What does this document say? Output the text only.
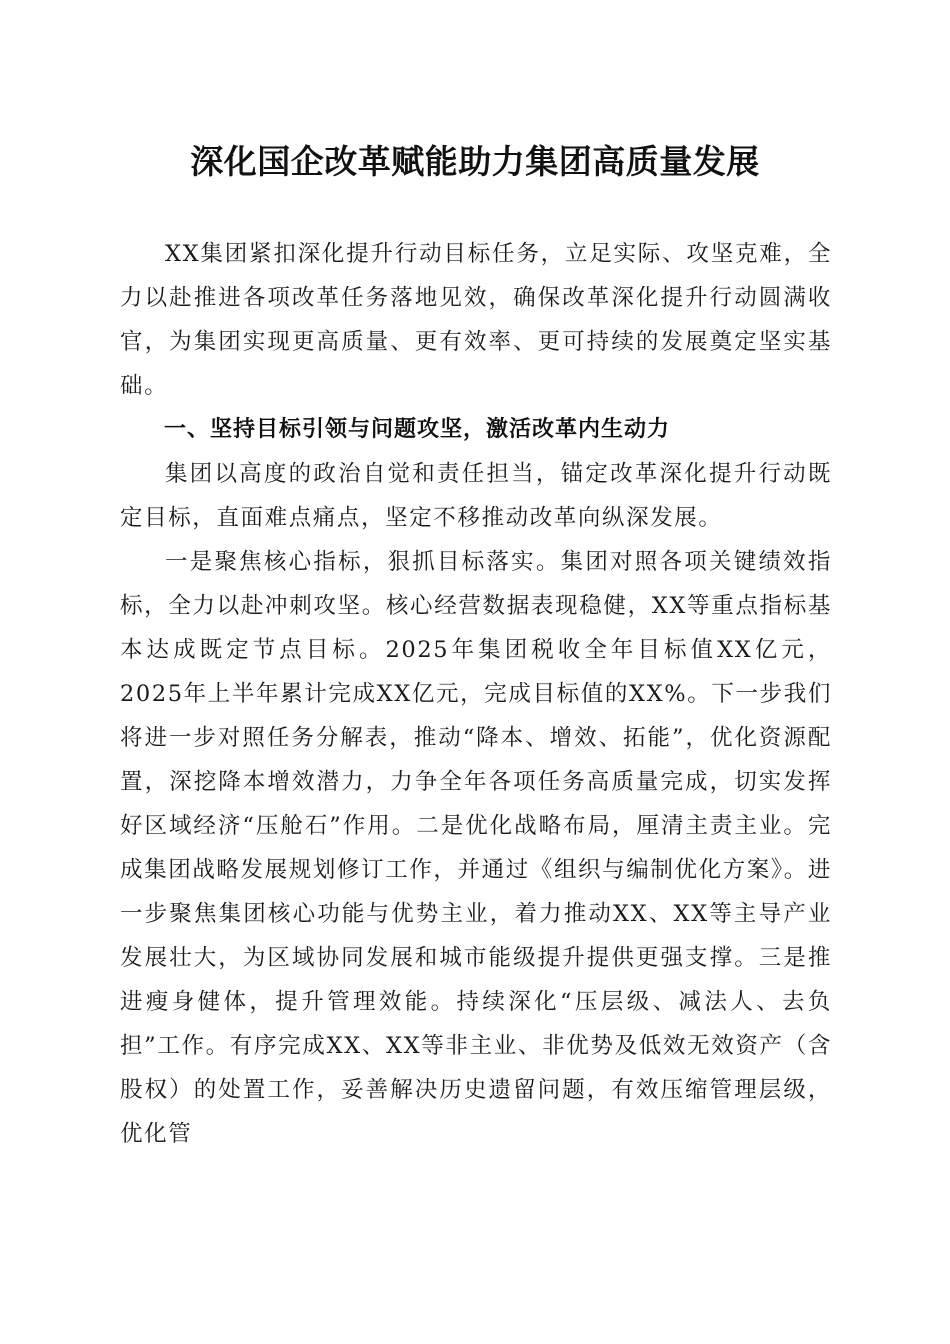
深化国企改革赋能助力集团高质量发展

XX集团紧扣深化提升行动目标任务，立足实际、攻坚克难，全力以赴推进各项改革任务落地见效，确保改革深化提升行动圆满收官，为集团实现更高质量、更有效率、更可持续的发展奠定坚实基础。

一、坚持目标引领与问题攻坚，激活改革内生动力

集团以高度的政治自觉和责任担当，锚定改革深化提升行动既定目标，直面难点痛点，坚定不移推动改革向纵深发展。

一是聚焦核心指标，狠抓目标落实。集团对照各项关键绩效指标，全力以赴冲刺攻坚。核心经营数据表现稳健，XX等重点指标基本达成既定节点目标。2025年集团税收全年目标值XX亿元，2025年上半年累计完成XX亿元，完成目标值的XX%。下一步我们将进一步对照任务分解表，推动“降本、增效、拓能”，优化资源配置，深挖降本增效潜力，力争全年各项任务高质量完成，切实发挥好区域经济“压舱石”作用。二是优化战略布局，厘清主责主业。完成集团战略发展规划修订工作，并通过《组织与编制优化方案》。进一步聚焦集团核心功能与优势主业，着力推动XX、XX等主导产业发展壮大，为区域协同发展和城市能级提升提供更强支撑。三是推进瘦身健体，提升管理效能。持续深化“压层级、减法人、去负担”工作。有序完成XX、XX等非主业、非优势及低效无效资产（含股权）的处置工作，妥善解决历史遗留问题，有效压缩管理层级，优化管
